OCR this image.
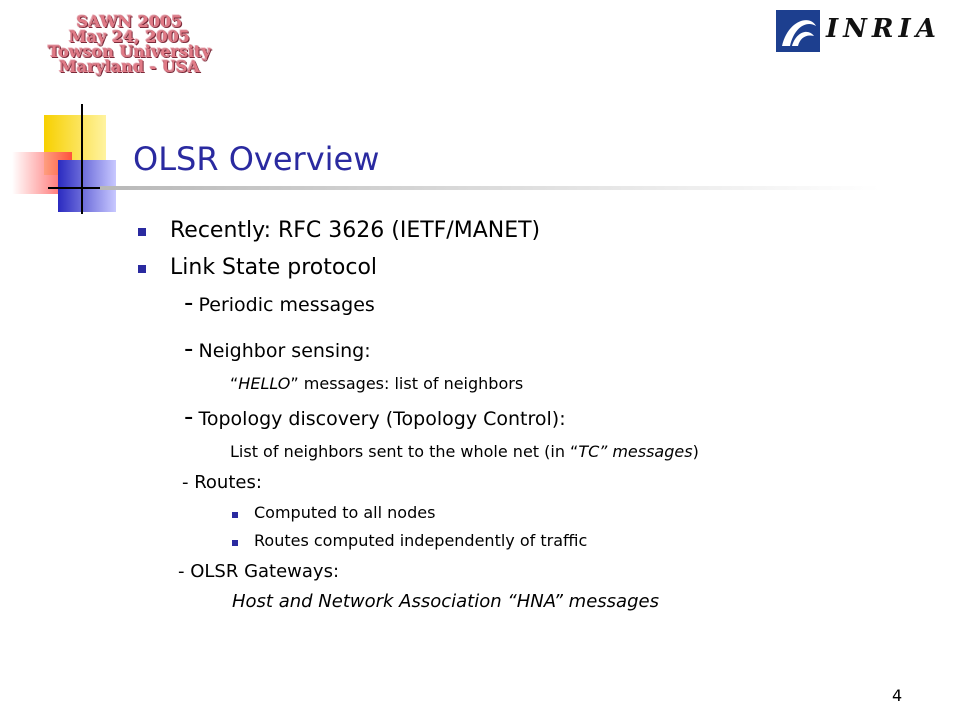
SAWN 2005
May 24, 2005
Towson University
Maryland - USA
INRIA
OLSR Overview
Recently: RFC 3626 (IETF/MANET)
Link State protocol
- Periodic messages
- Neighbor sensing:
“HELLO” messages: list of neighbors
- Topology discovery (Topology Control):
List of neighbors sent to the whole net (in “TC” messages)
- Routes:
Computed to all nodes
Routes computed independently of traffic
- OLSR Gateways:
Host and Network Association “HNA” messages
4
